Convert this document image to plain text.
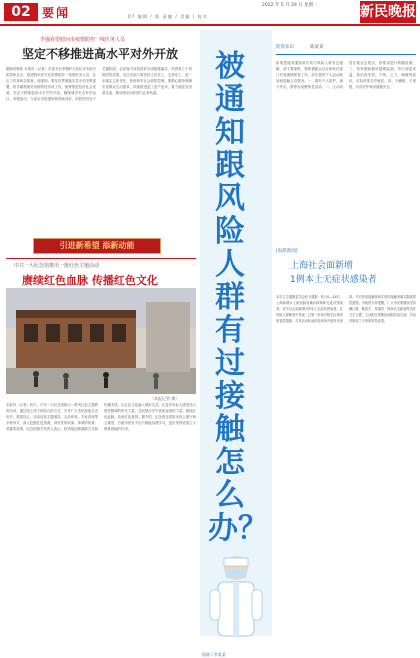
02 要闻
2022 年 5 月 29 日 星期一
07 编辑 / 版 责编 / 美编 / 校对	新民晚报
李强看望慰问市疫情防控一线医务人员
坚定不移推进高水平对外开放
据新民晚报 本报讯（记者）市委书记李强昨天前往本市部分医院和社区，看望慰问坚守在疫情防控一线的医务人员、社区工作者和志愿者。他强调，要坚决贯彻落实党中央决策部署，科学精准抓好疫情防控各项工作，统筹推进经济社会发展，坚定不移推进高水平对外开放，确保城市安全有序运行。李强指出，当前本市疫情形势持续向好，但防控仍处于关键阶段，必须毫不放松抓好各项措施落实，巩固来之不易的防控成果。各区各部门要坚持人民至上、生命至上，进一步落实主体责任，织密织牢社会面防控网。要精心服务保障市民群众生活需求，持续推进复工复产复市，着力稳住经济基本盘，推动城市加快回归正常轨道。
引进新希望 添新动能
中共一大纪念馆推出一批红色主题活动
赓续红色血脉 传播红色文化
（本报记者 摄）
本报讯（记者）昨天，中共一大纪念馆推出一系列红色主题教育活动，通过线上线下相结合的方式，引导广大市民游客走近历史、感悟初心。活动包括主题展览、互动体验、专家讲座等多种形式，深入挖掘红色资源，讲好党的故事、革命的故事、英雄的故事。纪念馆相关负责人表示，将持续创新展陈方式和传播手段，让红色文化融入城市生活，让更多年轻人感受伟大建党精神的时代力量，在回望历史中汲取奋进的力量，赓续红色血脉，传承红色基因。据介绍，纪念馆还将推出线上展厅和云课堂，方便市民足不出户就能参观学习，更好发挥爱国主义教育基地的作用。
被通知跟风险人群有过接触怎么办？
插画 / 李某某
防疫知识	陈某某
如果您接到通知被告知与风险人群有过接触，请不要惊慌，要积极配合社区和疾控部门开展流调排查工作，如实提供个人活动轨迹和接触人员情况。一、做好个人防护，减少外出，暂停参加聚集性活动。二、主动向居住地社区报告，按要求进行核酸检测。三、居家期间做好健康监测，每天测量体温，如出现发热、干咳、乏力、咽痛等症状，应及时报告并就医。四、不瞒报、不谎报，共同守护城市健康安全。
[海派新闻]
上海社会面新增
1例本土无症状感染者
本市卫生健康委员会昨天通报：昨日0—24时，上海新增本土新冠肺炎确诊病例和无症状感染者，其中社会面新增1例本土无症状感染者，在风险人群筛查中发现。已第一时间对相关区域采取管控措施，对其活动轨迹涉及场所开展终末消毒，并对密切接触者和次密切接触者落实隔离管控措施。市疾控专家提醒，广大市民要继续坚持戴口罩、勤洗手、常通风、保持社交距离等良好卫生习惯，主动配合核酸检测和抗原自测，共同巩固来之不易的防控成果。
